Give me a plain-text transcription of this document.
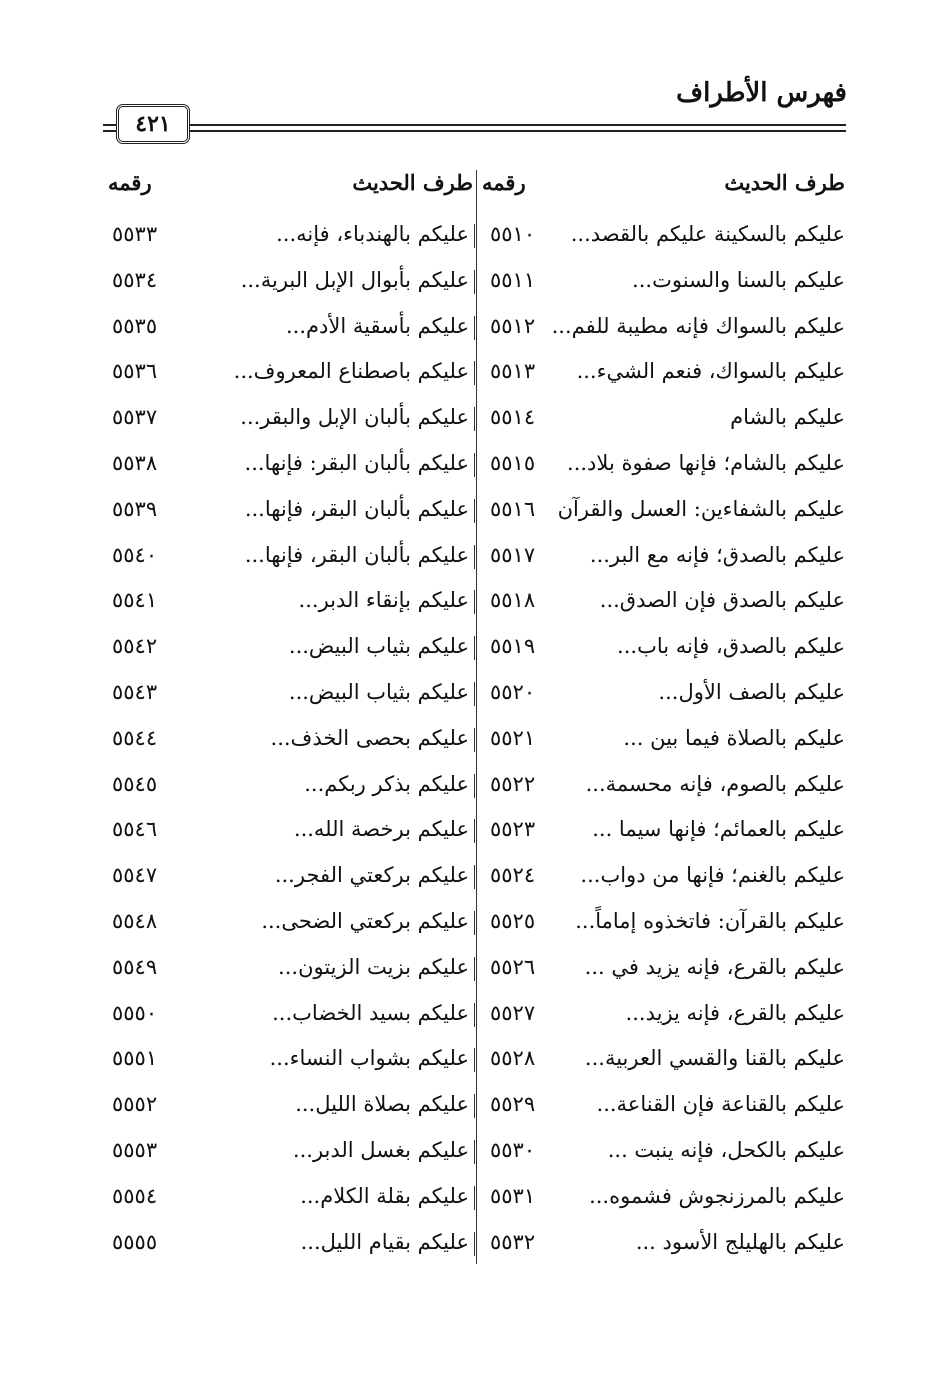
فهرس الأطراف
٤٢١
طرف الحديث
رقمه
طرف الحديث
رقمه
عليكم بالسكينة عليكم بالقصد...
٥٥١٠
عليكم بالسنا والسنوت...
٥٥١١
عليكم بالسواك فإنه مطيبة للفم...
٥٥١٢
عليكم بالسواك، فنعم الشيء...
٥٥١٣
عليكم بالشام
٥٥١٤
عليكم بالشام؛ فإنها صفوة بلاد...
٥٥١٥
عليكم بالشفاءين: العسل والقرآن
٥٥١٦
عليكم بالصدق؛ فإنه مع البر...
٥٥١٧
عليكم بالصدق فإن الصدق...
٥٥١٨
عليكم بالصدق، فإنه باب...
٥٥١٩
عليكم بالصف الأول...
٥٥٢٠
عليكم بالصلاة فيما بين ...
٥٥٢١
عليكم بالصوم، فإنه محسمة...
٥٥٢٢
عليكم بالعمائم؛ فإنها سيما ...
٥٥٢٣
عليكم بالغنم؛ فإنها من دواب...
٥٥٢٤
عليكم بالقرآن: فاتخذوه إماماً...
٥٥٢٥
عليكم بالقرع، فإنه يزيد في ...
٥٥٢٦
عليكم بالقرع، فإنه يزيد...
٥٥٢٧
عليكم بالقنا والقسي العربية...
٥٥٢٨
عليكم بالقناعة فإن القناعة...
٥٥٢٩
عليكم بالكحل، فإنه ينبت ...
٥٥٣٠
عليكم بالمرزنجوش فشموه...
٥٥٣١
عليكم بالهليلج الأسود ...
٥٥٣٢
عليكم بالهندباء، فإنه...
٥٥٣٣
عليكم بأبوال الإبل البرية...
٥٥٣٤
عليكم بأسقية الأدم...
٥٥٣٥
عليكم باصطناع المعروف...
٥٥٣٦
عليكم بألبان الإبل والبقر...
٥٥٣٧
عليكم بألبان البقر: فإنها...
٥٥٣٨
عليكم بألبان البقر، فإنها...
٥٥٣٩
عليكم بألبان البقر، فإنها...
٥٥٤٠
عليكم بإنقاء الدبر...
٥٥٤١
عليكم بثياب البيض...
٥٥٤٢
عليكم بثياب البيض...
٥٥٤٣
عليكم بحصى الخذف...
٥٥٤٤
عليكم بذكر ربكم...
٥٥٤٥
عليكم برخصة الله...
٥٥٤٦
عليكم بركعتي الفجر...
٥٥٤٧
عليكم بركعتي الضحى...
٥٥٤٨
عليكم بزيت الزيتون...
٥٥٤٩
عليكم بسيد الخضاب...
٥٥٥٠
عليكم بشواب النساء...
٥٥٥١
عليكم بصلاة الليل...
٥٥٥٢
عليكم بغسل الدبر...
٥٥٥٣
عليكم بقلة الكلام...
٥٥٥٤
عليكم بقيام الليل...
٥٥٥٥
